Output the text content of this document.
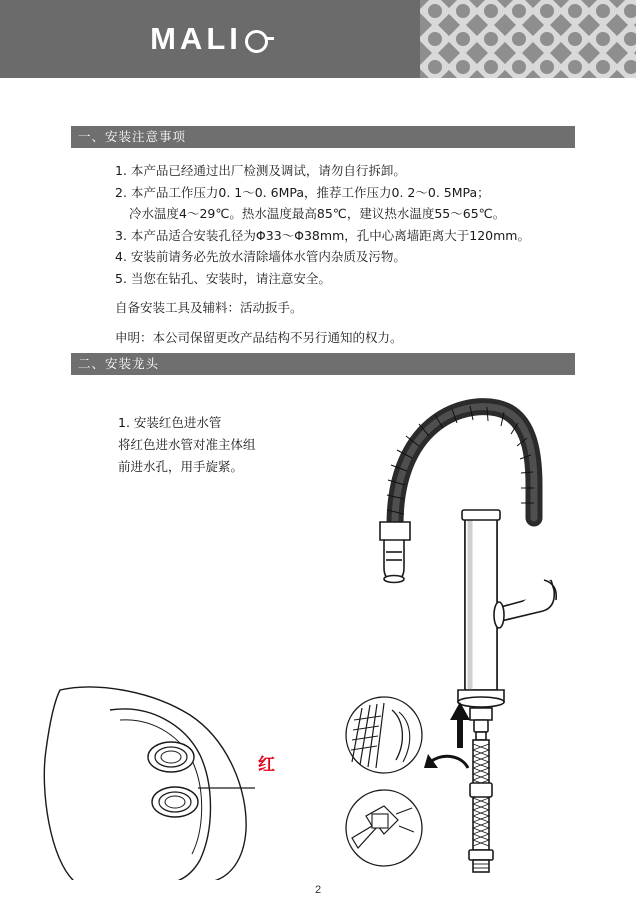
MALI
一、安装注意事项
1. 本产品已经通过出厂检测及调试，请勿自行拆卸。
2. 本产品工作压力0. 1～0. 6MPa，推荐工作压力0. 2～0. 5MPa；
冷水温度4～29℃。热水温度最高85℃，建议热水温度55～65℃。
3. 本产品适合安装孔径为Φ33～Φ38mm，孔中心离墙距离大于120mm。
4. 安装前请务必先放水清除墙体水管内杂质及污物。
5. 当您在钻孔、安装时，请注意安全。
自备安装工具及辅料：活动扳手。
申明：本公司保留更改产品结构不另行通知的权力。
二、安装龙头
1. 安装红色进水管
将红色进水管对准主体组
前进水孔，用手旋紧。
红
2
